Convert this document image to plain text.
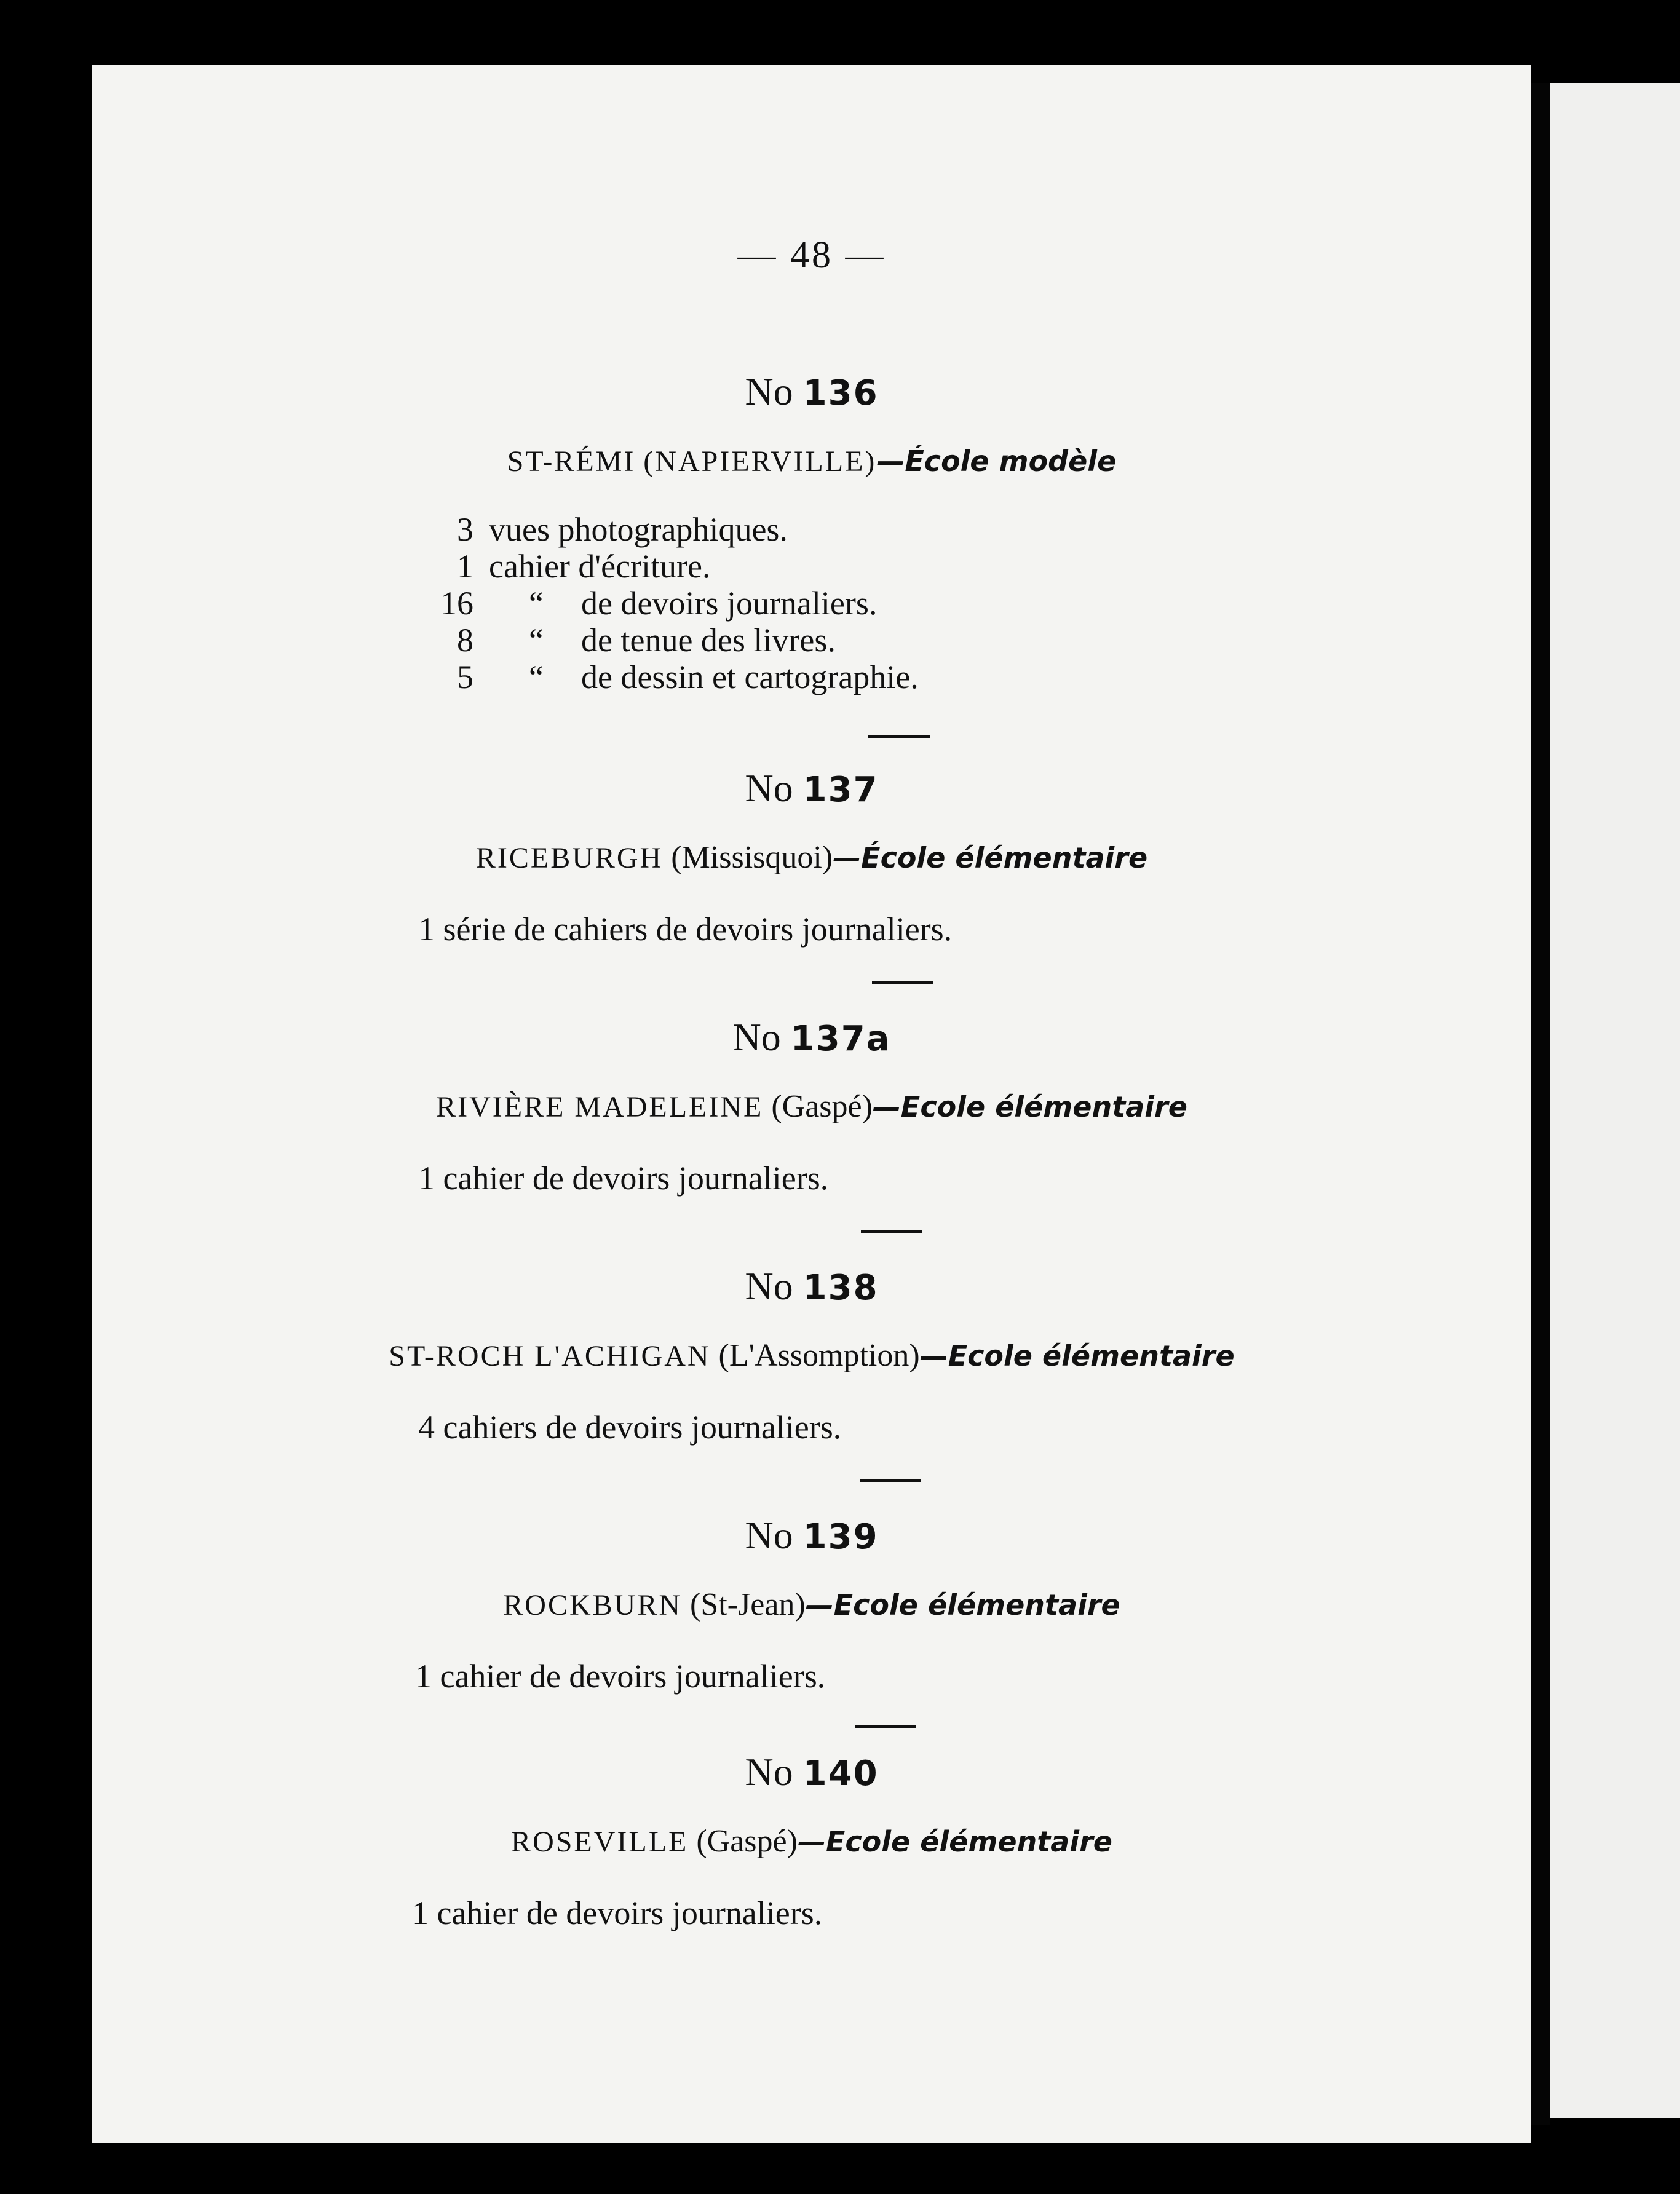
— 48 —
No 136
ST-RÉMI (NAPIERVILLE)—École modèle
3 vues photographiques.
1 cahier d'écriture.
16 “ de devoirs journaliers.
8 “ de tenue des livres.
5 “ de dessin et cartographie.
No 137
RICEBURGH (Missisquoi)—École élémentaire
1 série de cahiers de devoirs journaliers.
No 137a
RIVIÈRE MADELEINE (Gaspé)—Ecole élémentaire
1 cahier de devoirs journaliers.
No 138
ST-ROCH L'ACHIGAN (L'Assomption)—Ecole élémentaire
4 cahiers de devoirs journaliers.
No 139
ROCKBURN (St-Jean)—Ecole élémentaire
1 cahier de devoirs journaliers.
No 140
ROSEVILLE (Gaspé)—Ecole élémentaire
1 cahier de devoirs journaliers.
